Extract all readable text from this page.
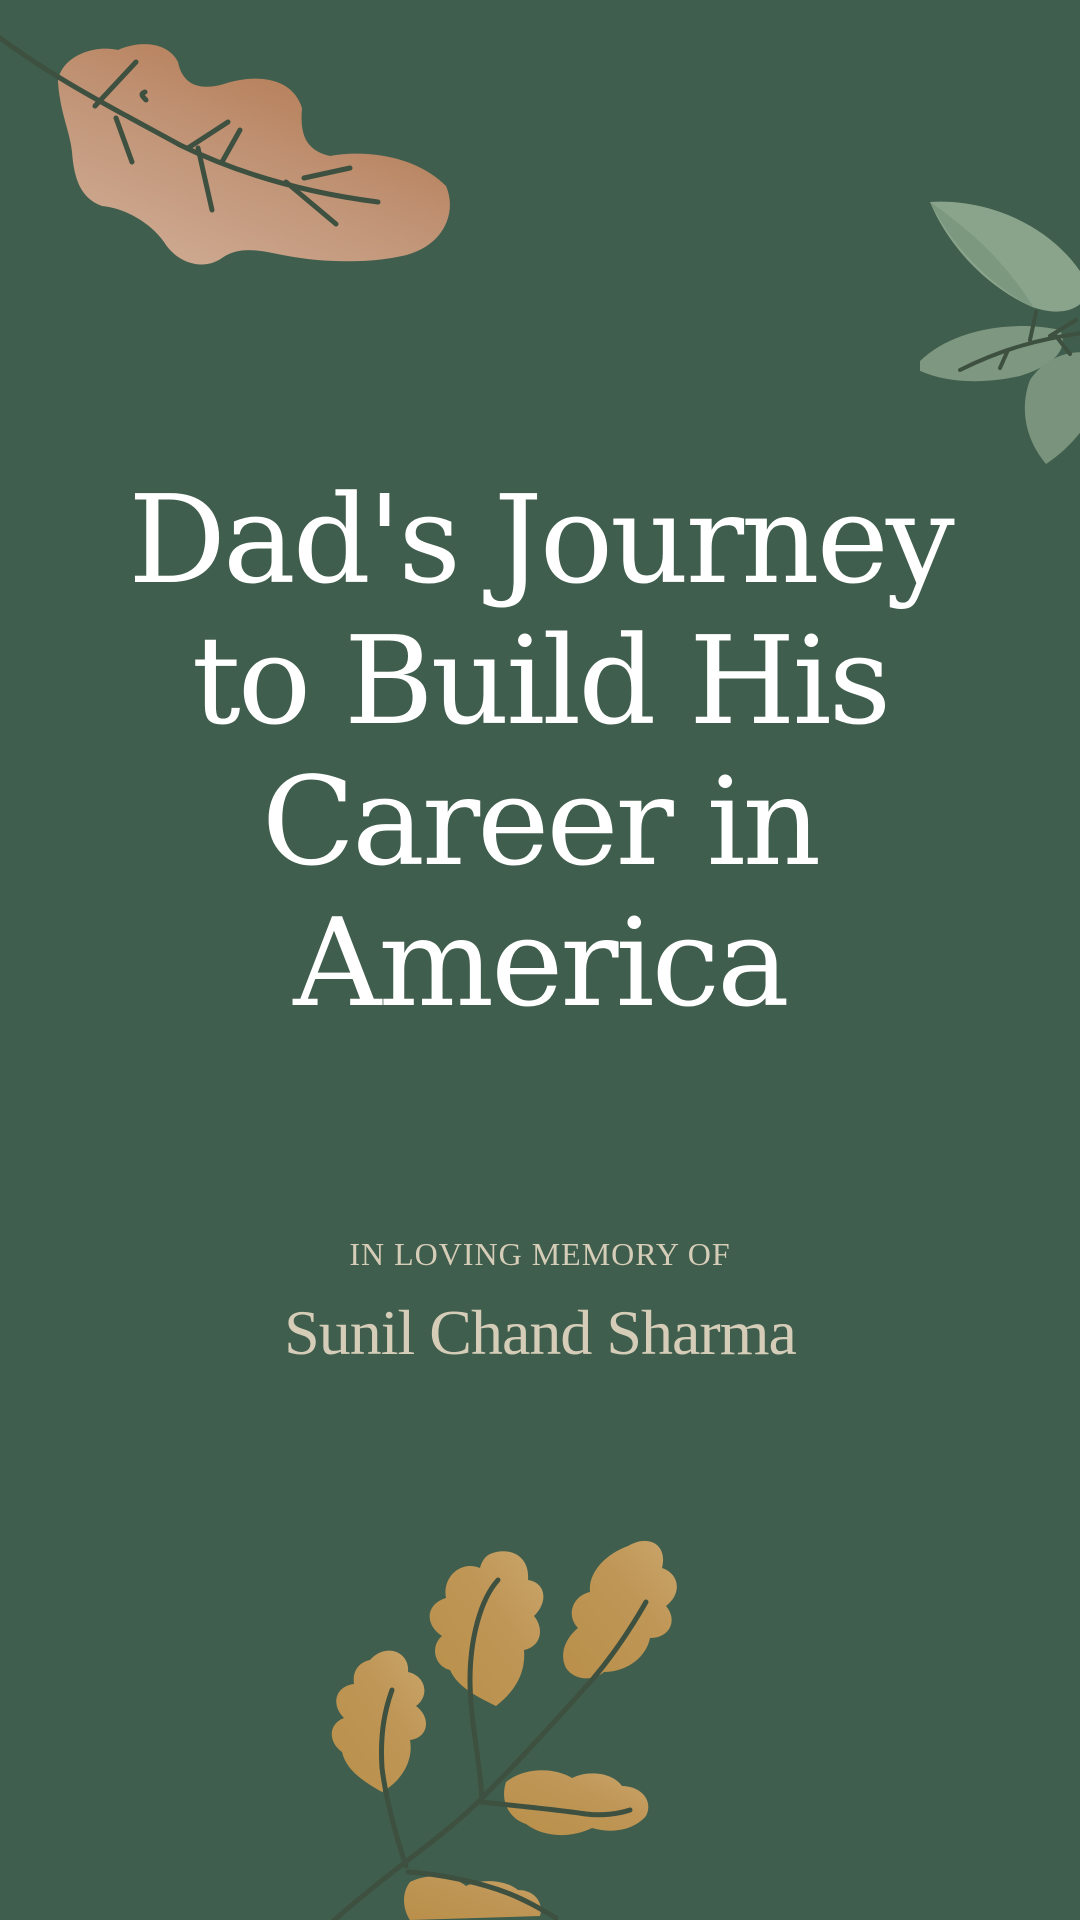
Dad's Journey
to Build His
Career in
America
IN LOVING MEMORY OF
Sunil Chand Sharma
